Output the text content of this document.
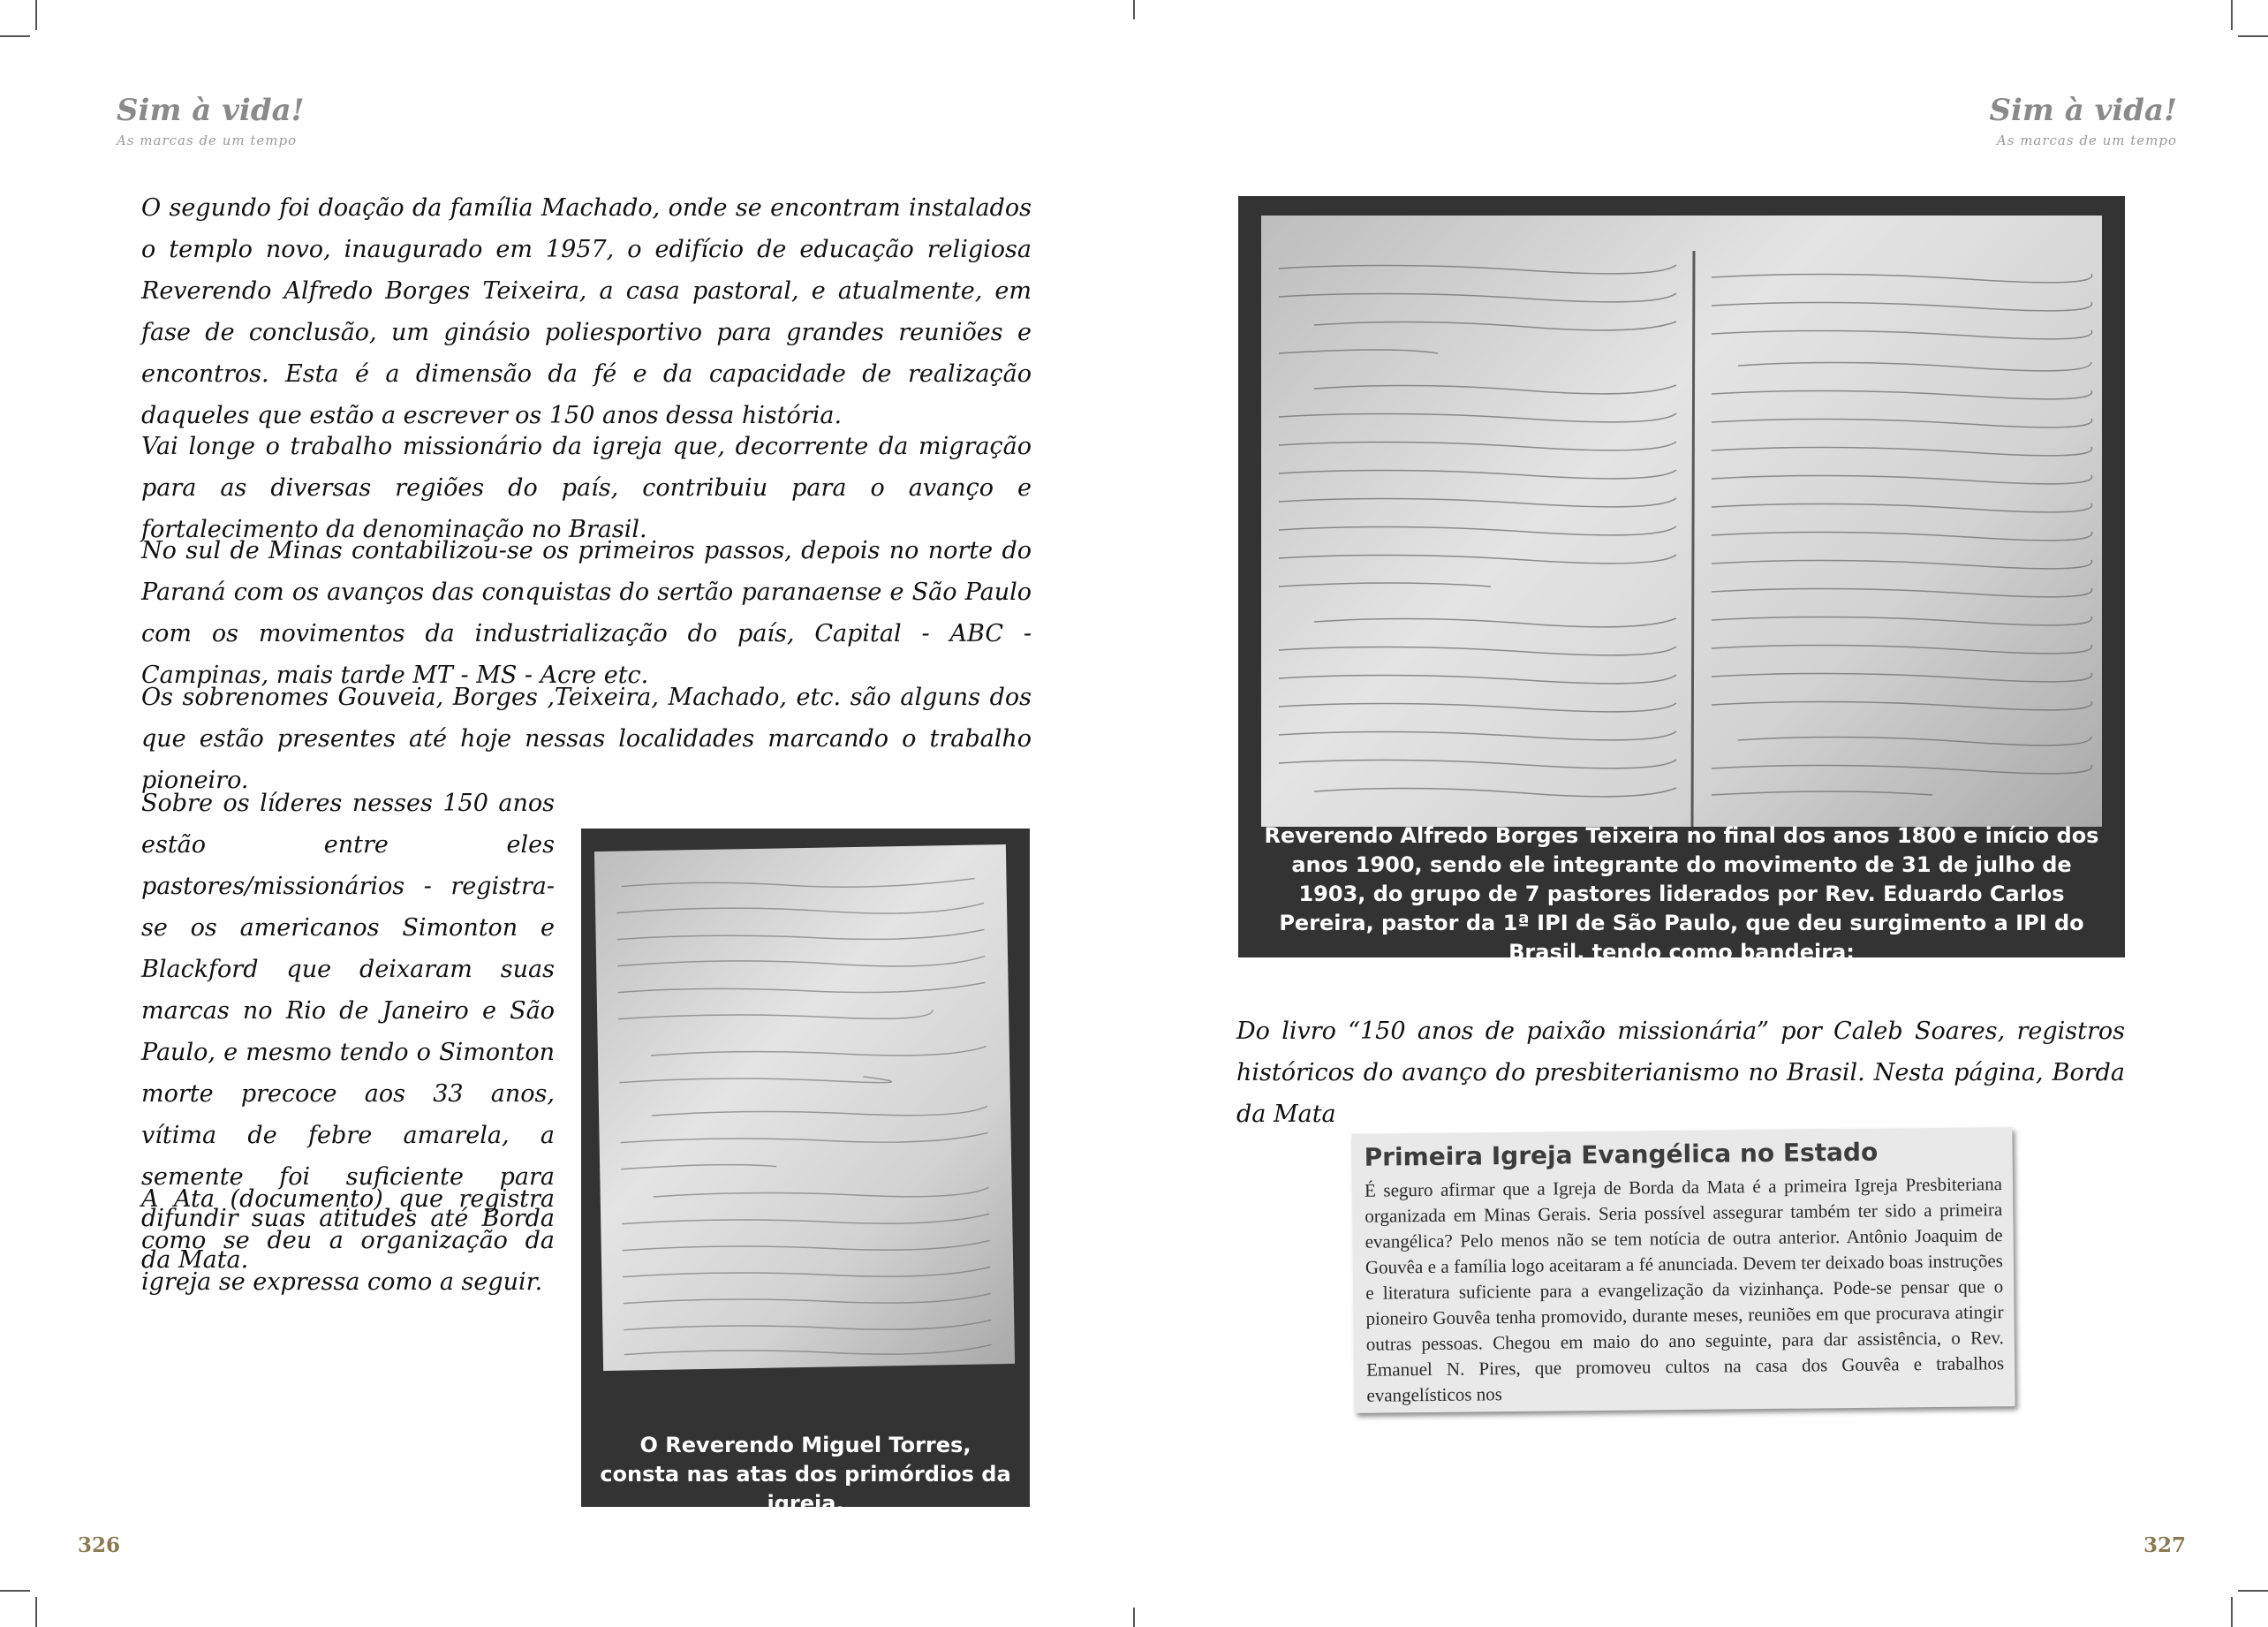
Sim à vida!
As marcas de um tempo
Sim à vida!
As marcas de um tempo

O segundo foi doação da família Machado, onde se encontram instalados o templo novo, inaugurado em 1957, o edifício de educação religiosa Reverendo Alfredo Borges Teixeira, a casa pastoral, e atualmente, em fase de conclusão, um ginásio poliesportivo para grandes reuniões e encontros. Esta é a dimensão da fé e da capacidade de realização daqueles que estão a escrever os 150 anos dessa história.

Vai longe o trabalho missionário da igreja que, decorrente da migração para as diversas regiões do país, contribuiu para o avanço e fortalecimento da denominação no Brasil.

No sul de Minas contabilizou-se os primeiros passos, depois no norte do Paraná com os avanços das conquistas do sertão paranaense e São Paulo com os movimentos da industrialização do país, Capital - ABC - Campinas, mais tarde MT - MS - Acre etc.

Os sobrenomes Gouveia, Borges ,Teixeira, Machado, etc. são alguns dos que estão presentes até hoje nessas localidades marcando o trabalho pioneiro.

Sobre os líderes nesses 150 anos estão entre eles pastores/missionários - registra-se os americanos Simonton e Blackford que deixaram suas marcas no Rio de Janeiro e São Paulo, e mesmo tendo o Simonton morte precoce aos 33 anos, vítima de febre amarela, a semente foi suficiente para difundir suas atitudes até Borda da Mata.

A Ata (documento) que registra como se deu a organização da igreja se expressa como a seguir.

O Reverendo Miguel Torres, consta nas atas dos primórdios da igreja.
Reverendo Alfredo Borges Teixeira no final dos anos 1800 e início dos anos 1900, sendo ele integrante do movimento de 31 de julho de 1903, do grupo de 7 pastores liderados por Rev. Eduardo Carlos Pereira, pastor da 1ª IPI de São Paulo, que deu surgimento a IPI do Brasil, tendo como bandeira:

Do livro “150 anos de paixão missionária” por Caleb Soares, registros históricos do avanço do presbiterianismo no Brasil. Nesta página, Borda da Mata

Primeira Igreja Evangélica no Estado

É seguro afirmar que a Igreja de Borda da Mata é a primeira Igreja Presbiteriana organizada em Minas Gerais. Seria possível assegurar também ter sido a primeira evangélica? Pelo menos não se tem notícia de outra anterior. Antônio Joaquim de Gouvêa e a família logo aceitaram a fé anunciada. Devem ter deixado boas instruções e literatura suficiente para a evangelização da vizinhança. Pode-se pensar que o pioneiro Gouvêa tenha promovido, durante meses, reuniões em que procurava atingir outras pessoas. Chegou em maio do ano seguinte, para dar assistência, o Rev. Emanuel N. Pires, que promoveu cultos na casa dos Gouvêa e trabalhos evangelísticos nos

326	327
